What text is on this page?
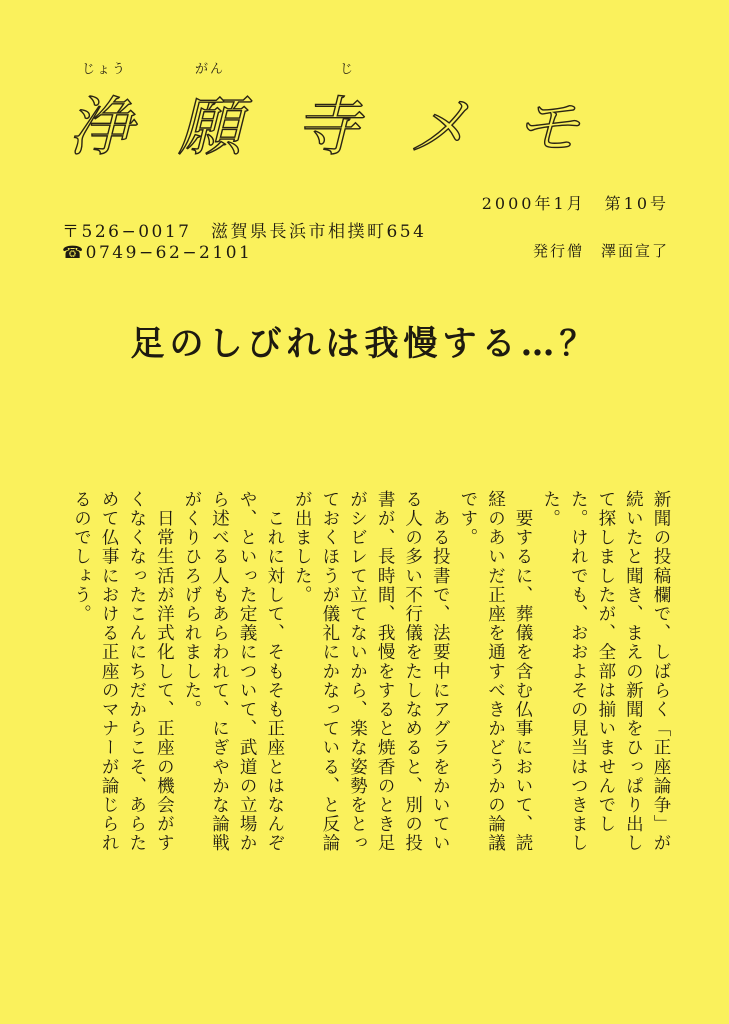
じょう	がん	じ
浄 願 寺 メ モ
2000年1月　第10号
〒526−0017　滋賀県長浜市相撲町654
☎0749−62−2101	発行僧　澤面宣了
足のしびれは我慢する…？

新聞の投稿欄で、しばらく「正座論争」が続いたと聞き、まえの新聞をひっぱり出して探しましたが、全部は揃いませんでした。けれでも、おおよその見当はつきました。

　要するに、葬儀を含む仏事において、読経のあいだ正座を通すべきかどうかの論議です。

　ある投書で、法要中にアグラをかいている人の多い不行儀をたしなめると、別の投書が、長時間、我慢をすると焼香のとき足がシビレて立てないから、楽な姿勢をとっておくほうが儀礼にかなっている、と反論が出ました。

　これに対して、そもそも正座とはなんぞや、といった定義について、武道の立場から述べる人もあらわれて、にぎやかな論戦がくりひろげられました。

　日常生活が洋式化して、正座の機会がすくなくなったこんにちだからこそ、あらためて仏事における正座のマナーが論じられるのでしょう。
